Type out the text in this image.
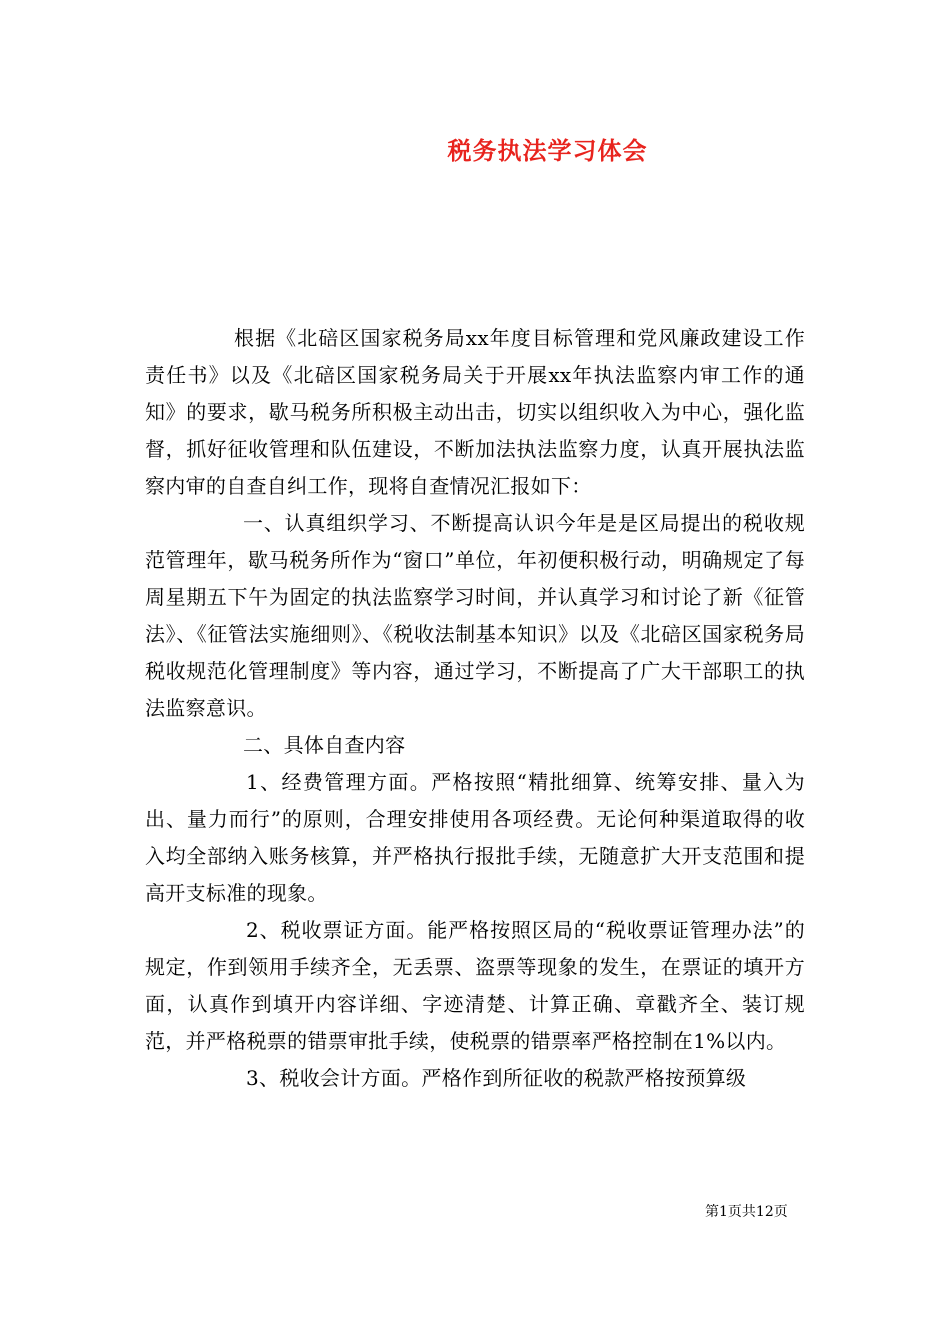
税务执法学习体会

根据《北碚区国家税务局xx年度目标管理和党风廉政建设工作责任书》以及《北碚区国家税务局关于开展xx年执法监察内审工作的通知》的要求，歇马税务所积极主动出击，切实以组织收入为中心，强化监督，抓好征收管理和队伍建设，不断加法执法监察力度，认真开展执法监察内审的自查自纠工作，现将自查情况汇报如下：

一、认真组织学习、不断提高认识今年是是区局提出的税收规范管理年，歇马税务所作为“窗口”单位，年初便积极行动，明确规定了每周星期五下午为固定的执法监察学习时间，并认真学习和讨论了新《征管法》、《征管法实施细则》、《税收法制基本知识》以及《北碚区国家税务局税收规范化管理制度》等内容，通过学习，不断提高了广大干部职工的执法监察意识。

二、具体自查内容

1、经费管理方面。严格按照“精批细算、统筹安排、量入为出、量力而行”的原则，合理安排使用各项经费。无论何种渠道取得的收入均全部纳入账务核算，并严格执行报批手续，无随意扩大开支范围和提高开支标准的现象。

2、税收票证方面。能严格按照区局的“税收票证管理办法”的规定，作到领用手续齐全，无丢票、盗票等现象的发生，在票证的填开方面，认真作到填开内容详细、字迹清楚、计算正确、章戳齐全、装订规范，并严格税票的错票审批手续，使税票的错票率严格控制在1%以内。

3、税收会计方面。严格作到所征收的税款严格按预算级

第1页共12页
